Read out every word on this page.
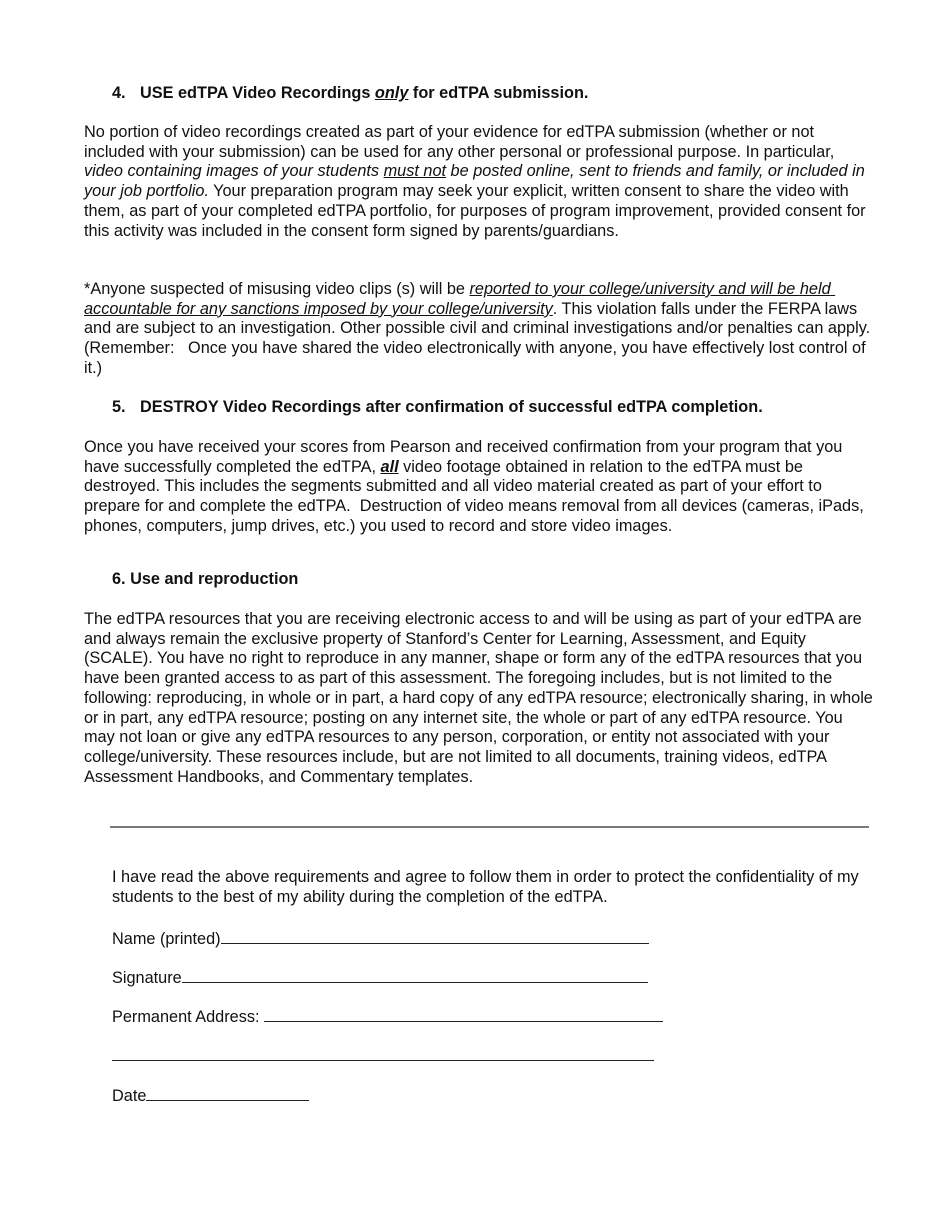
4. USE edTPA Video Recordings only for edTPA submission.

No portion of video recordings created as part of your evidence for edTPA submission (whether or not included with your submission) can be used for any other personal or professional purpose. In particular, video containing images of your students must not be posted online, sent to friends and family, or included in your job portfolio. Your preparation program may seek your explicit, written consent to share the video with them, as part of your completed edTPA portfolio, for purposes of program improvement, provided consent for this activity was included in the consent form signed by parents/guardians.

*Anyone suspected of misusing video clips (s) will be reported to your college/university and will be held accountable for any sanctions imposed by your college/university. This violation falls under the FERPA laws and are subject to an investigation. Other possible civil and criminal investigations and/or penalties can apply.  (Remember:   Once you have shared the video electronically with anyone, you have effectively lost control of it.)

5. DESTROY Video Recordings after confirmation of successful edTPA completion.

Once you have received your scores from Pearson and received confirmation from your program that you have successfully completed the edTPA, all video footage obtained in relation to the edTPA must be destroyed. This includes the segments submitted and all video material created as part of your effort to prepare for and complete the edTPA.  Destruction of video means removal from all devices (cameras, iPads, phones, computers, jump drives, etc.) you used to record and store video images.

6. Use and reproduction

The edTPA resources that you are receiving electronic access to and will be using as part of your edTPA are and always remain the exclusive property of Stanford’s Center for Learning, Assessment, and Equity (SCALE). You have no right to reproduce in any manner, shape or form any of the edTPA resources that you have been granted access to as part of this assessment. The foregoing includes, but is not limited to the following: reproducing, in whole or in part, a hard copy of any edTPA resource; electronically sharing, in whole or in part, any edTPA resource; posting on any internet site, the whole or part of any edTPA resource. You may not loan or give any edTPA resources to any person, corporation, or entity not associated with your college/university. These resources include, but are not limited to all documents, training videos, edTPA Assessment Handbooks, and Commentary templates.

I have read the above requirements and agree to follow them in order to protect the confidentiality of my students to the best of my ability during the completion of the edTPA.

Name (printed)

Signature

Permanent Address:

Date
